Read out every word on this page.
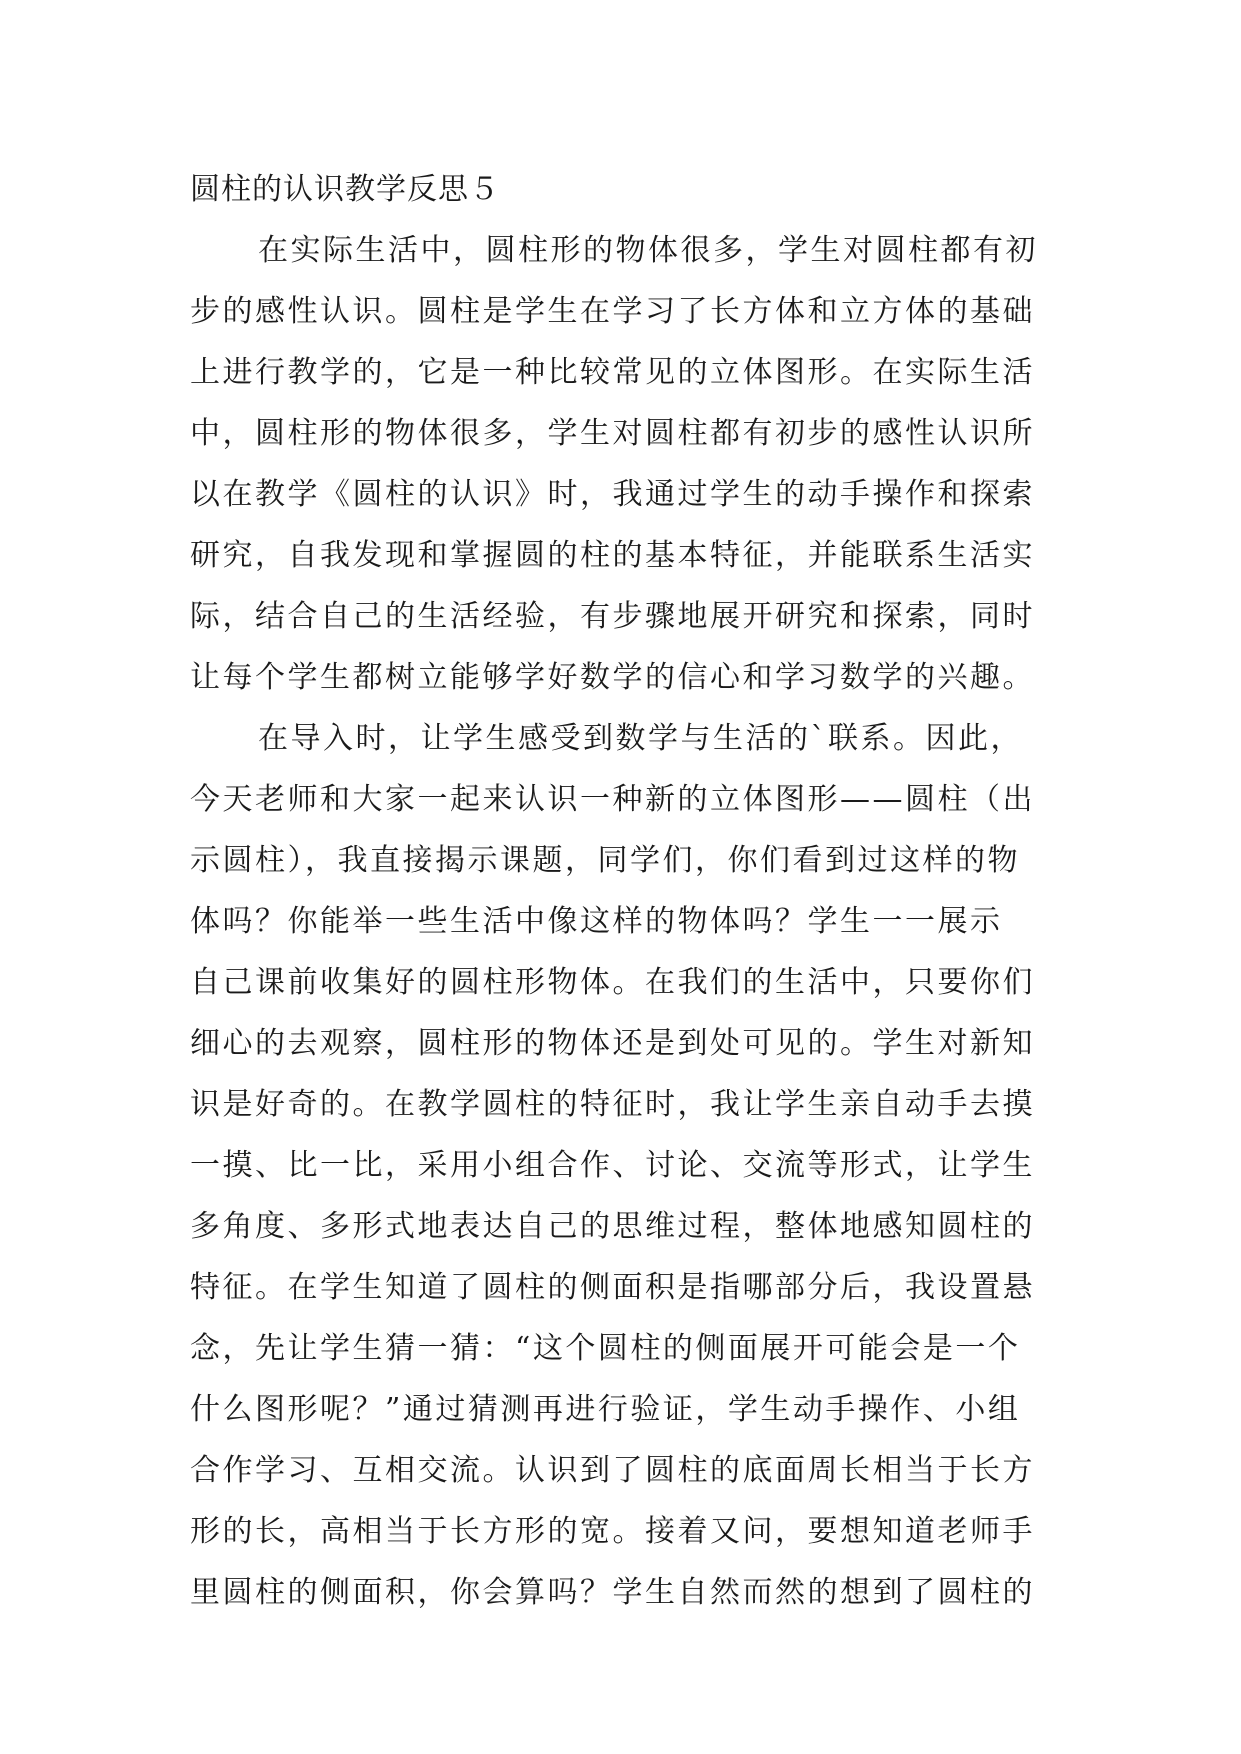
圆柱的认识教学反思５
在实际生活中，圆柱形的物体很多，学生对圆柱都有初
步的感性认识。圆柱是学生在学习了长方体和立方体的基础
上进行教学的，它是一种比较常见的立体图形。在实际生活
中，圆柱形的物体很多，学生对圆柱都有初步的感性认识所
以在教学《圆柱的认识》时，我通过学生的动手操作和探索
研究，自我发现和掌握圆的柱的基本特征，并能联系生活实
际，结合自己的生活经验，有步骤地展开研究和探索，同时
让每个学生都树立能够学好数学的信心和学习数学的兴趣。
在导入时，让学生感受到数学与生活的`联系。因此，
今天老师和大家一起来认识一种新的立体图形——圆柱（出
示圆柱），我直接揭示课题，同学们，你们看到过这样的物
体吗？你能举一些生活中像这样的物体吗？学生一一展示
自己课前收集好的圆柱形物体。在我们的生活中，只要你们
细心的去观察，圆柱形的物体还是到处可见的。学生对新知
识是好奇的。在教学圆柱的特征时，我让学生亲自动手去摸
一摸、比一比，采用小组合作、讨论、交流等形式，让学生
多角度、多形式地表达自己的思维过程，整体地感知圆柱的
特征。在学生知道了圆柱的侧面积是指哪部分后，我设置悬
念，先让学生猜一猜：“这个圆柱的侧面展开可能会是一个
什么图形呢？”通过猜测再进行验证，学生动手操作、小组
合作学习、互相交流。认识到了圆柱的底面周长相当于长方
形的长，高相当于长方形的宽。接着又问，要想知道老师手
里圆柱的侧面积，你会算吗？学生自然而然的想到了圆柱的
